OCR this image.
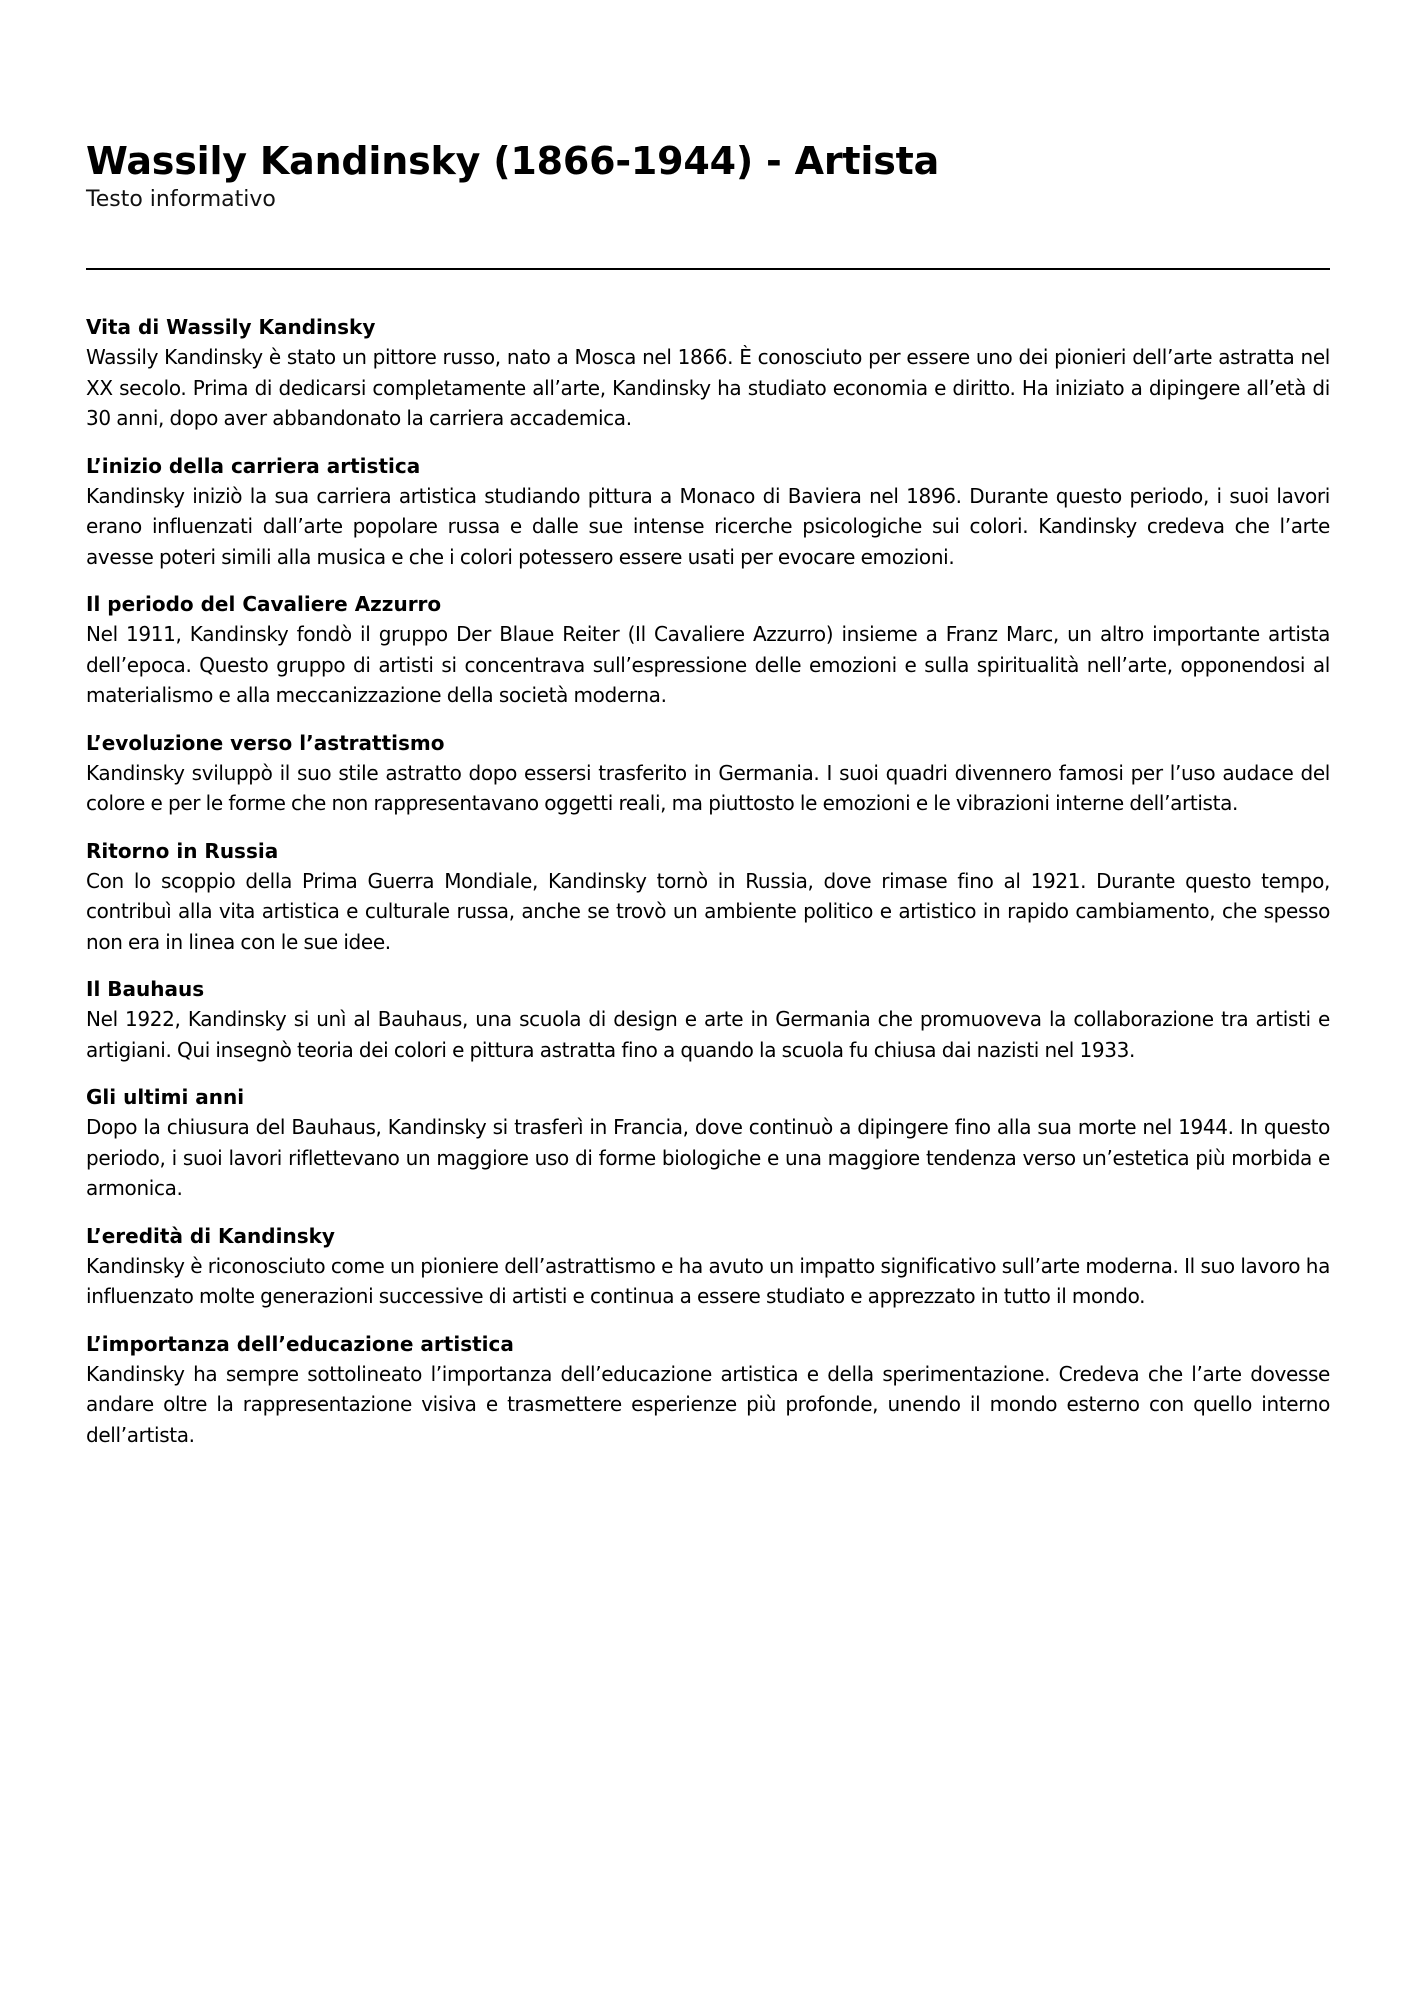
Wassily Kandinsky (1866-1944) - Artista

Testo informativo

Vita di Wassily Kandinsky

Wassily Kandinsky è stato un pittore russo, nato a Mosca nel 1866. È conosciuto per essere uno dei pionieri dell’arte astratta nel XX secolo. Prima di dedicarsi completamente all’arte, Kandinsky ha studiato economia e diritto. Ha iniziato a dipingere all’età di 30 anni, dopo aver abbandonato la carriera accademica.

L’inizio della carriera artistica

Kandinsky iniziò la sua carriera artistica studiando pittura a Monaco di Baviera nel 1896. Durante questo periodo, i suoi lavori erano influenzati dall’arte popolare russa e dalle sue intense ricerche psicologiche sui colori. Kandinsky credeva che l’arte avesse poteri simili alla musica e che i colori potessero essere usati per evocare emozioni.

Il periodo del Cavaliere Azzurro

Nel 1911, Kandinsky fondò il gruppo Der Blaue Reiter (Il Cavaliere Azzurro) insieme a Franz Marc, un altro importante artista dell’epoca. Questo gruppo di artisti si concentrava sull’espressione delle emozioni e sulla spiritualità nell’arte, opponendosi al materialismo e alla meccanizzazione della società moderna.

L’evoluzione verso l’astrattismo

Kandinsky sviluppò il suo stile astratto dopo essersi trasferito in Germania. I suoi quadri divennero famosi per l’uso audace del colore e per le forme che non rappresentavano oggetti reali, ma piuttosto le emozioni e le vibrazioni interne dell’artista.

Ritorno in Russia

Con lo scoppio della Prima Guerra Mondiale, Kandinsky tornò in Russia, dove rimase fino al 1921. Durante questo tempo, contribuì alla vita artistica e culturale russa, anche se trovò un ambiente politico e artistico in rapido cambiamento, che spesso non era in linea con le sue idee.

Il Bauhaus

Nel 1922, Kandinsky si unì al Bauhaus, una scuola di design e arte in Germania che promuoveva la collaborazione tra artisti e artigiani. Qui insegnò teoria dei colori e pittura astratta fino a quando la scuola fu chiusa dai nazisti nel 1933.

Gli ultimi anni

Dopo la chiusura del Bauhaus, Kandinsky si trasferì in Francia, dove continuò a dipingere fino alla sua morte nel 1944. In questo periodo, i suoi lavori riflettevano un maggiore uso di forme biologiche e una maggiore tendenza verso un’estetica più morbida e armonica.

L’eredità di Kandinsky

Kandinsky è riconosciuto come un pioniere dell’astrattismo e ha avuto un impatto significativo sull’arte moderna. Il suo lavoro ha influenzato molte generazioni successive di artisti e continua a essere studiato e apprezzato in tutto il mondo.

L’importanza dell’educazione artistica

Kandinsky ha sempre sottolineato l’importanza dell’educazione artistica e della sperimentazione. Credeva che l’arte dovesse andare oltre la rappresentazione visiva e trasmettere esperienze più profonde, unendo il mondo esterno con quello interno dell’artista.
